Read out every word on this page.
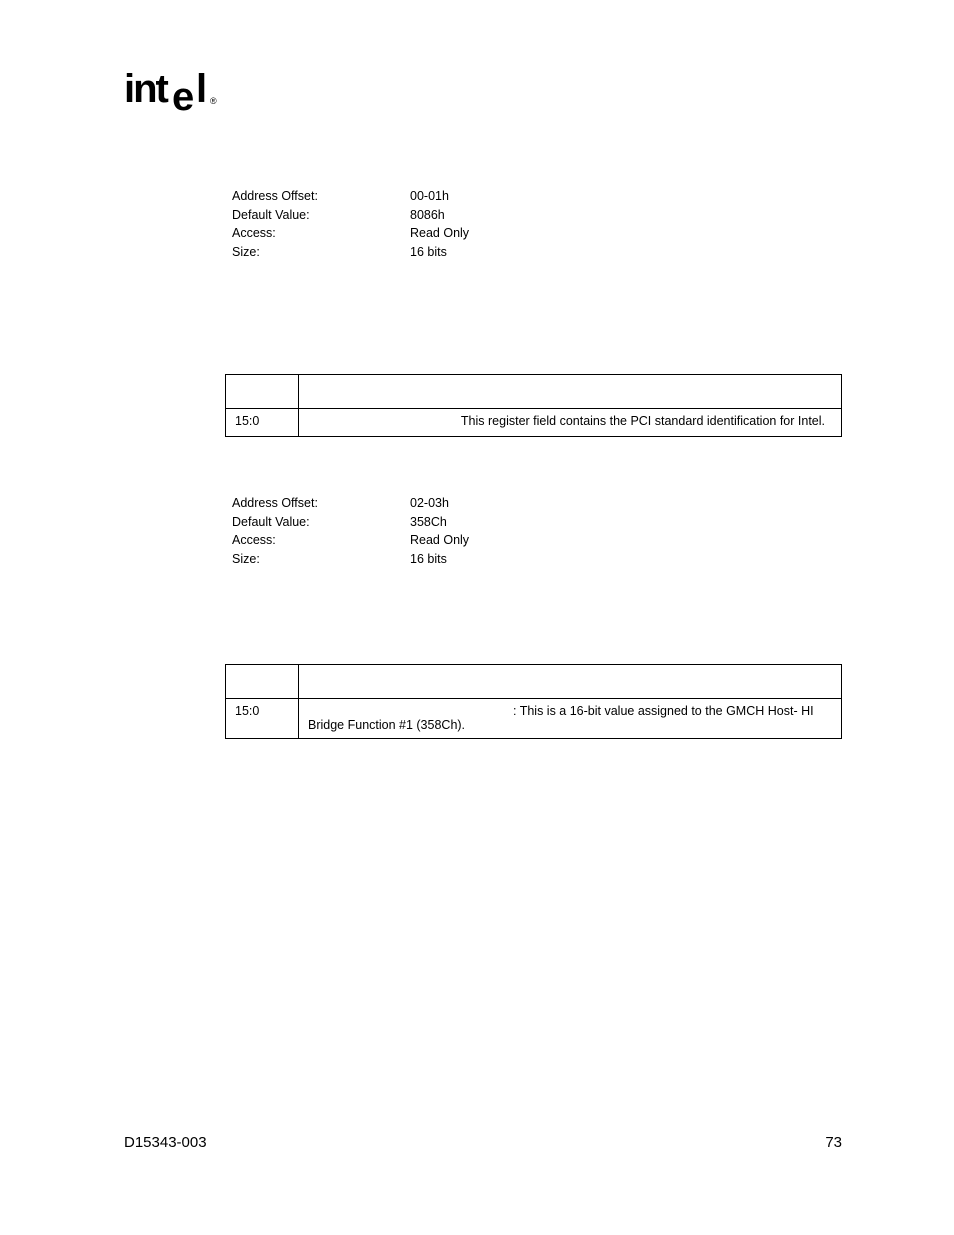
int e l ®
Address Offset:	00-01h
Default Value:	8086h
Access:	Read Only
Size:	16 bits

15:0	This register field contains the PCI standard identification for Intel.
Address Offset:	02-03h
Default Value:	358Ch
Access:	Read Only
Size:	16 bits

15:0	: This is a 16-bit value assigned to the GMCH Host- HI
Bridge Function #1 (358Ch).
D15343-003	73
